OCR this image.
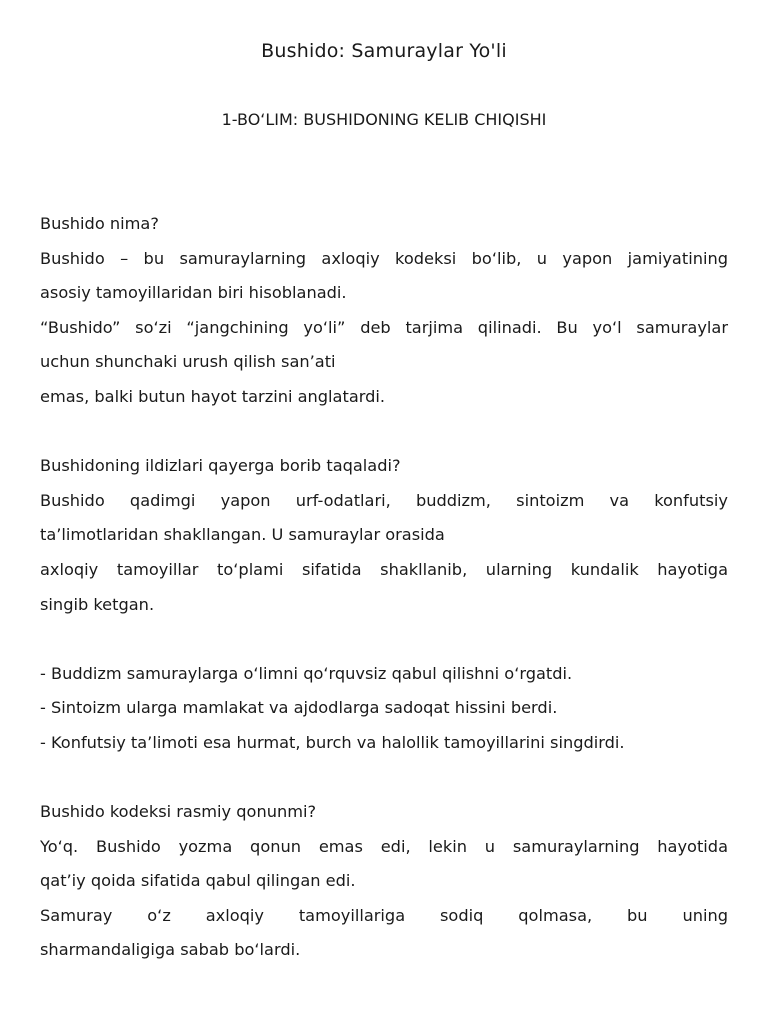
Bushido: Samuraylar Yo'li
1-BO‘LIM: BUSHIDONING KELIB CHIQISHI
Bushido nima?
Bushido – bu samuraylarning axloqiy kodeksi bo‘lib, u yapon jamiyatining
asosiy tamoyillaridan biri hisoblanadi.
“Bushido” so‘zi “jangchining yo‘li” deb tarjima qilinadi. Bu yo‘l samuraylar
uchun shunchaki urush qilish san’ati
emas, balki butun hayot tarzini anglatardi.
Bushidoning ildizlari qayerga borib taqaladi?
Bushido qadimgi yapon urf-odatlari, buddizm, sintoizm va konfutsiy
ta’limotlaridan shakllangan. U samuraylar orasida
axloqiy tamoyillar to‘plami sifatida shakllanib, ularning kundalik hayotiga
singib ketgan.
- Buddizm samuraylarga o‘limni qo‘rquvsiz qabul qilishni o‘rgatdi.
- Sintoizm ularga mamlakat va ajdodlarga sadoqat hissini berdi.
- Konfutsiy ta’limoti esa hurmat, burch va halollik tamoyillarini singdirdi.
Bushido kodeksi rasmiy qonunmi?
Yo‘q. Bushido yozma qonun emas edi, lekin u samuraylarning hayotida
qat’iy qoida sifatida qabul qilingan edi.
Samuray o‘z axloqiy tamoyillariga sodiq qolmasa, bu uning
sharmandaligiga sabab bo‘lardi.
